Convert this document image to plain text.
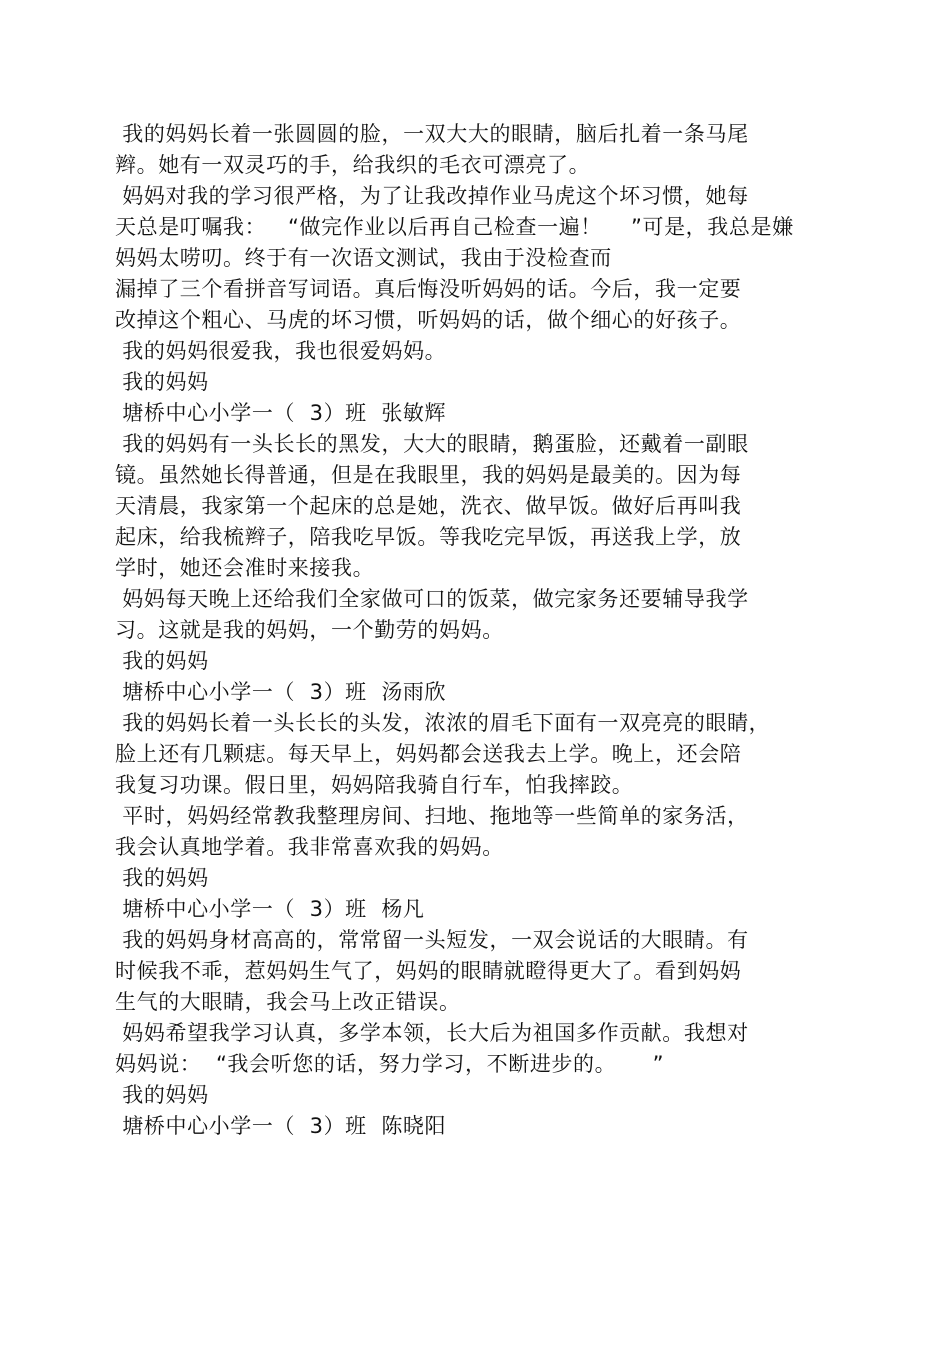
我的妈妈长着一张圆圆的脸，一双大大的眼睛，脑后扎着一条马尾
辫。她有一双灵巧的手，给我织的毛衣可漂亮了。
妈妈对我的学习很严格，为了让我改掉作业马虎这个坏习惯，她每
天总是叮嘱我：   “做完作业以后再自己检查一遍！    ”可是，我总是嫌
妈妈太唠叨。终于有一次语文测试，我由于没检查而
漏掉了三个看拼音写词语。真后悔没听妈妈的话。今后，我一定要
改掉这个粗心、马虎的坏习惯，听妈妈的话，做个细心的好孩子。
我的妈妈很爱我，我也很爱妈妈。
我的妈妈
塘桥中心小学一（  3）班  张敏辉
我的妈妈有一头长长的黑发，大大的眼睛，鹅蛋脸，还戴着一副眼
镜。虽然她长得普通，但是在我眼里，我的妈妈是最美的。因为每
天清晨，我家第一个起床的总是她，洗衣、做早饭。做好后再叫我
起床，给我梳辫子，陪我吃早饭。等我吃完早饭，再送我上学，放
学时，她还会准时来接我。
妈妈每天晚上还给我们全家做可口的饭菜，做完家务还要辅导我学
习。这就是我的妈妈，一个勤劳的妈妈。
我的妈妈
塘桥中心小学一（  3）班  汤雨欣
我的妈妈长着一头长长的头发，浓浓的眉毛下面有一双亮亮的眼睛，
脸上还有几颗痣。每天早上，妈妈都会送我去上学。晚上，还会陪
我复习功课。假日里，妈妈陪我骑自行车，怕我摔跤。
平时，妈妈经常教我整理房间、扫地、拖地等一些简单的家务活，
我会认真地学着。我非常喜欢我的妈妈。
我的妈妈
塘桥中心小学一（  3）班  杨凡
我的妈妈身材高高的，常常留一头短发，一双会说话的大眼睛。有
时候我不乖，惹妈妈生气了，妈妈的眼睛就瞪得更大了。看到妈妈
生气的大眼睛，我会马上改正错误。
妈妈希望我学习认真，多学本领，长大后为祖国多作贡献。我想对
妈妈说：  “我会听您的话，努力学习，不断进步的。     ”
我的妈妈
塘桥中心小学一（  3）班  陈晓阳
